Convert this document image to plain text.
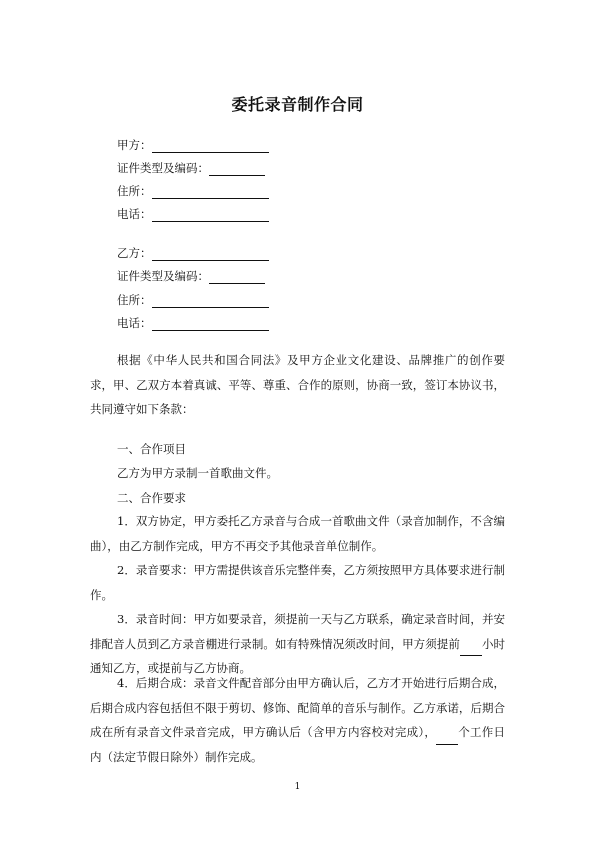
委托录音制作合同
甲方：
证件类型及编码：
住所：
电话：
乙方：
证件类型及编码：
住所：
电话：
根据《中华人民共和国合同法》及甲方企业文化建设、品牌推广的创作要求，甲、乙双方本着真诚、平等、尊重、合作的原则，协商一致，签订本协议书，共同遵守如下条款：
一、合作项目
乙方为甲方录制一首歌曲文件。
二、合作要求
1．双方协定，甲方委托乙方录音与合成一首歌曲文件（录音加制作，不含编曲），由乙方制作完成，甲方不再交予其他录音单位制作。
2．录音要求：甲方需提供该音乐完整伴奏，乙方须按照甲方具体要求进行制作。
3．录音时间：甲方如要录音，须提前一天与乙方联系，确定录音时间，并安排配音人员到乙方录音棚进行录制。如有特殊情况须改时间，甲方须提前 小时通知乙方，或提前与乙方协商。
4．后期合成：录音文件配音部分由甲方确认后，乙方才开始进行后期合成，后期合成内容包括但不限于剪切、修饰、配简单的音乐与制作。乙方承诺，后期合成在所有录音文件录音完成，甲方确认后（含甲方内容校对完成）， 个工作日内（法定节假日除外）制作完成。
1
